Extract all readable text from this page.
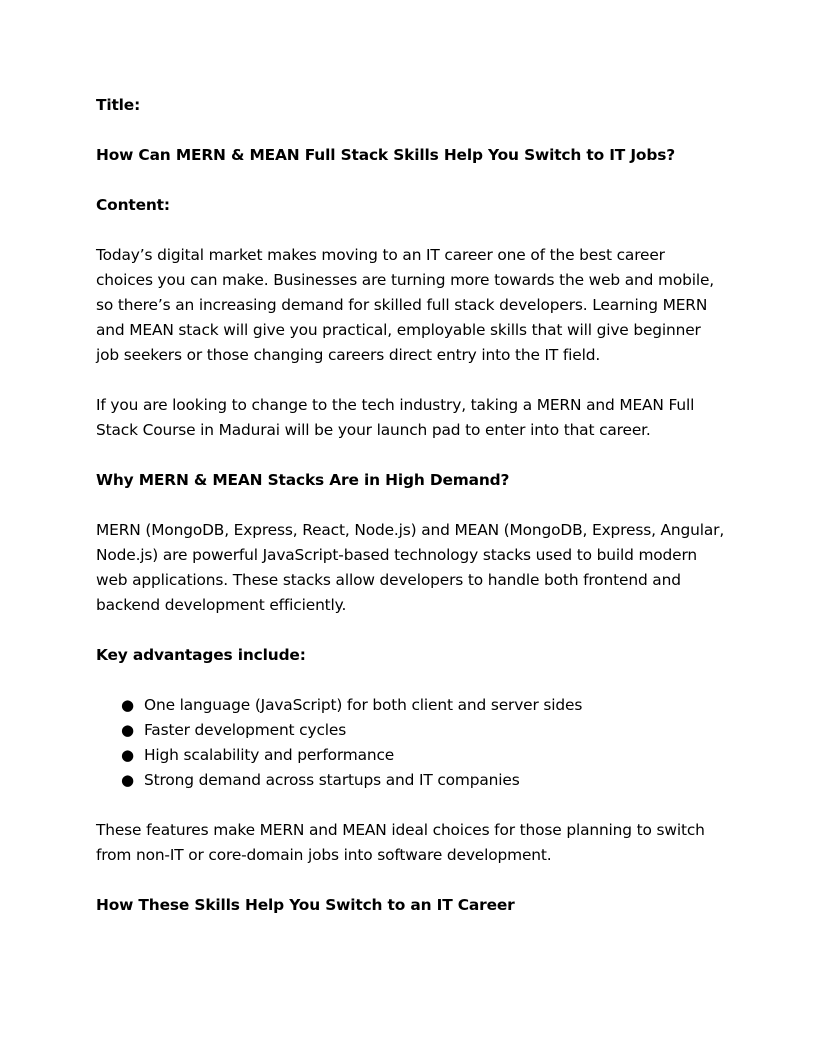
Title:

How Can MERN & MEAN Full Stack Skills Help You Switch to IT Jobs?

Content:

Today’s digital market makes moving to an IT career one of the best career choices you can make. Businesses are turning more towards the web and mobile, so there’s an increasing demand for skilled full stack developers. Learning MERN and MEAN stack will give you practical, employable skills that will give beginner job seekers or those changing careers direct entry into the IT field.

If you are looking to change to the tech industry, taking a MERN and MEAN Full Stack Course in Madurai will be your launch pad to enter into that career.

Why MERN & MEAN Stacks Are in High Demand?

MERN (MongoDB, Express, React, Node.js) and MEAN (MongoDB, Express, Angular, Node.js) are powerful JavaScript-based technology stacks used to build modern web applications. These stacks allow developers to handle both frontend and backend development efficiently.

Key advantages include:

● One language (JavaScript) for both client and server sides
● Faster development cycles
● High scalability and performance
● Strong demand across startups and IT companies

These features make MERN and MEAN ideal choices for those planning to switch from non-IT or core-domain jobs into software development.

How These Skills Help You Switch to an IT Career
